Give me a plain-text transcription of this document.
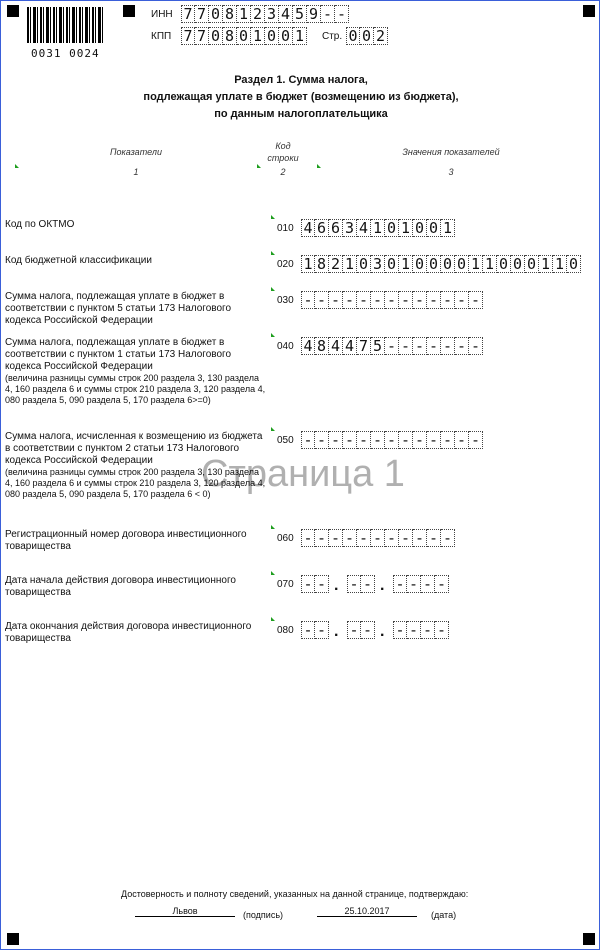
0031 0024
ИНН 7 7 0 8 1 2 3 4 5 9 - -
КПП 7 7 0 8 0 1 0 0 1 Стр. 0 0 2
Раздел 1. Сумма налога,
подлежащая уплате в бюджет (возмещению из бюджета),
по данным налогоплательщика
Показатели
1
Код
строки
2
Значения показателей
3
Страница 1
Достоверность и полноту сведений, указанных на данной странице, подтверждаю:
Львов	(подпись)	25.10.2017	(дата)
Код по ОКТМО	010 4 6 6 3 4 1 0 1 0 0 1
Код бюджетной классификации	020 1 8 2 1 0 3 0 1 0 0 0 0 1 1 0 0 0 1 1 0
Сумма налога, подлежащая уплате в бюджет в
соответствии с пунктом 5 статьи 173 Налогового
кодекса Российской Федерации
030 - - - - - - - - - - - - -
Сумма налога, подлежащая уплате в бюджет в
соответствии с пунктом 1 статьи 173 Налогового
кодекса Российской Федерации
(величина разницы суммы строк 200 раздела 3, 130 раздела
4, 160 раздела 6 и суммы строк 210 раздела 3, 120 раздела 4,
080 раздела 5, 090 раздела 5, 170 раздела 6>=0)
040 4 8 4 4 7 5 - - - - - - -
Сумма налога, исчисленная к возмещению из бюджета
в соответствии с пунктом 2 статьи 173 Налогового
кодекса Российской Федерации
(величина разницы суммы строк 200 раздела 3, 130 раздела
4, 160 раздела 6 и суммы строк 210 раздела 3, 120 раздела 4,
080 раздела 5, 090 раздела 5, 170 раздела 6 < 0)
050 - - - - - - - - - - - - -
Регистрационный номер договора инвестиционного
товарищества
060 - - - - - - - - - - -
Дата начала действия договора инвестиционного
товарищества
070 - - - - - - - -
.	.
Дата окончания действия договора инвестиционного
товарищества
080 - - - - - - - -
.	.
